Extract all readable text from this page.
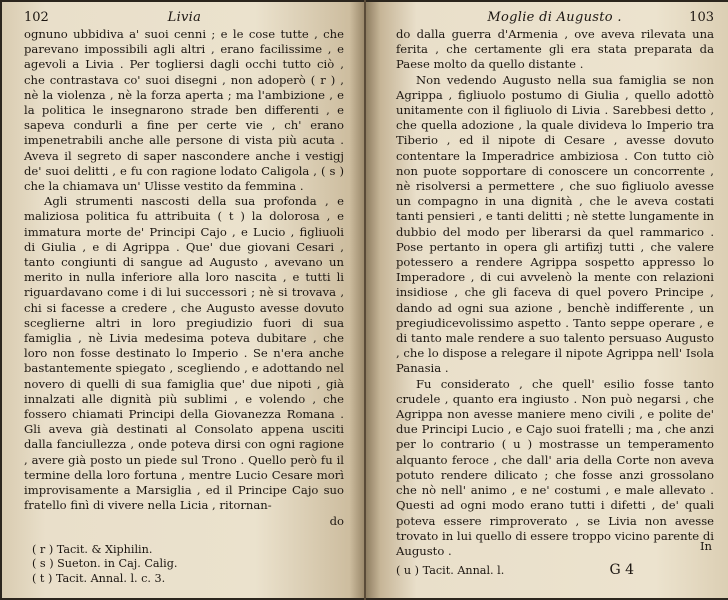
102	Livia

ognuno ubbidiva a' suoi cenni ; e le cose tutte , che parevano impossibili agli altri , erano facilissime , e agevoli a Livia . Per togliersi dagli occhi tutto ciò , che contrastava co' suoi disegni , non adoperò ( r ) , nè la violenza , nè la forza aperta ; ma l'ambizione , e la politica le insegnarono strade ben differenti , e sapeva condurli a fine per certe vie , ch' erano impenetrabili anche alle persone di vista più acuta . Aveva il segreto di saper nascondere anche i vestigj de' suoi delitti , e fu con ragione lodato Caligola , ( s ) che la chiamava un' Ulisse vestito da femmina .

Agli strumenti nascosti della sua profonda , e maliziosa politica fu attribuita ( t ) la dolorosa , e immatura morte de' Principi Cajo , e Lucio , figliuoli di Giulia , e di Agrippa . Que' due giovani Cesari , tanto congiunti di sangue ad Augusto , avevano un merito in nulla inferiore alla loro nascita , e tutti li riguardavano come i di lui successori ; nè si trovava , chi si facesse a credere , che Augusto avesse dovuto sceglierne altri in loro pregiudizio fuori di sua famiglia , nè Livia medesima poteva dubitare , che loro non fosse destinato lo Imperio . Se n'era anche bastantemente spiegato , scegliendo , e adottando nel novero di quelli di sua famiglia que' due nipoti , già innalzati alle dignità più sublimi , e volendo , che fossero chiamati Principi della Giovanezza Romana . Gli aveva già destinati al Consolato appena usciti dalla fanciullezza , onde poteva dirsi con ogni ragione , avere già posto un piede sul Trono . Quello però fu il termine della loro fortuna , mentre Lucio Cesare morì improvisamente a Marsiglia , ed il Principe Cajo suo fratello finì di vivere nella Licia , ritornan-

do
( r ) Tacit. & Xiphilin.
( s ) Sueton. in Caj. Calig.
( t ) Tacit. Annal. l. c. 3.
Moglie di Augusto .	103

do dalla guerra d'Armenia , ove aveva rilevata una ferita , che certamente gli era stata preparata da Paese molto da quello distante .

Non vedendo Augusto nella sua famiglia se non Agrippa , figliuolo postumo di Giulia , quello adottò unitamente con il figliuolo di Livia . Sarebbesi detto , che quella adozione , la quale divideva lo Imperio tra Tiberio , ed il nipote di Cesare , avesse dovuto contentare la Imperadrice ambiziosa . Con tutto ciò non puote sopportare di conoscere un concorrente , nè risolversi a permettere , che suo figliuolo avesse un compagno in una dignità , che le aveva costati tanti pensieri , e tanti delitti ; nè stette lungamente in dubbio del modo per liberarsi da quel rammarico . Pose pertanto in opera gli artifizj tutti , che valere potessero a rendere Agrippa sospetto appresso lo Imperadore , di cui avvelenò la mente con relazioni insidiose , che gli faceva di quel povero Principe , dando ad ogni sua azione , benchè indifferente , un pregiudicevolissimo aspetto . Tanto seppe operare , e di tanto male rendere a suo talento persuaso Augusto , che lo dispose a relegare il nipote Agrippa nell' Isola Panasia .

Fu considerato , che quell' esilio fosse tanto crudele , quanto era ingiusto . Non può negarsi , che Agrippa non avesse maniere meno civili , e polite de' due Principi Lucio , e Cajo suoi fratelli ; ma , che anzi per lo contrario ( u ) mostrasse un temperamento alquanto feroce , che dall' aria della Corte non aveva potuto rendere dilicato ; che fosse anzi grossolano che nò nell' animo , e ne' costumi , e male allevato . Questi ad ogni modo erano tutti i difetti , de' quali poteva essere rimproverato , se Livia non avesse trovato in lui quello di essere troppo vicino parente di Augusto .	In
( u ) Tacit. Annal. l.	G 4
